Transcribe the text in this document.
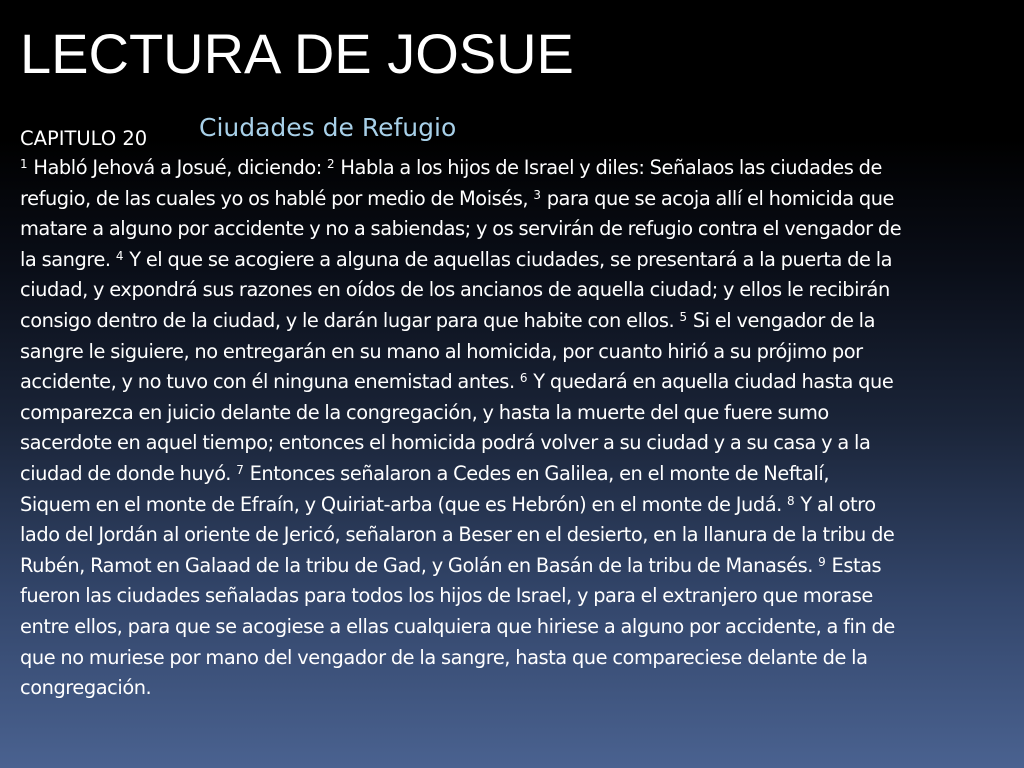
LECTURA DE JOSUE
Ciudades de Refugio
CAPITULO 20
$^1$ Habló Jehová a Josué, diciendo: $^2$ Habla a los hijos de Israel y diles: Señalaos las ciudades de
refugio, de las cuales yo os hablé por medio de Moisés, $^3$ para que se acoja allí el homicida que
matare a alguno por accidente y no a sabiendas; y os servirán de refugio contra el vengador de
la sangre. $^4$ Y el que se acogiere a alguna de aquellas ciudades, se presentará a la puerta de la
ciudad, y expondrá sus razones en oídos de los ancianos de aquella ciudad; y ellos le recibirán
consigo dentro de la ciudad, y le darán lugar para que habite con ellos. $^5$ Si el vengador de la
sangre le siguiere, no entregarán en su mano al homicida, por cuanto hirió a su prójimo por
accidente, y no tuvo con él ninguna enemistad antes. $^6$ Y quedará en aquella ciudad hasta que
comparezca en juicio delante de la congregación, y hasta la muerte del que fuere sumo
sacerdote en aquel tiempo; entonces el homicida podrá volver a su ciudad y a su casa y a la
ciudad de donde huyó. $^7$ Entonces señalaron a Cedes en Galilea, en el monte de Neftalí,
Siquem en el monte de Efraín, y Quiriat-arba (que es Hebrón) en el monte de Judá. $^8$ Y al otro
lado del Jordán al oriente de Jericó, señalaron a Beser en el desierto, en la llanura de la tribu de
Rubén, Ramot en Galaad de la tribu de Gad, y Golán en Basán de la tribu de Manasés. $^9$ Estas
fueron las ciudades señaladas para todos los hijos de Israel, y para el extranjero que morase
entre ellos, para que se acogiese a ellas cualquiera que hiriese a alguno por accidente, a fin de
que no muriese por mano del vengador de la sangre, hasta que compareciese delante de la
congregación.
